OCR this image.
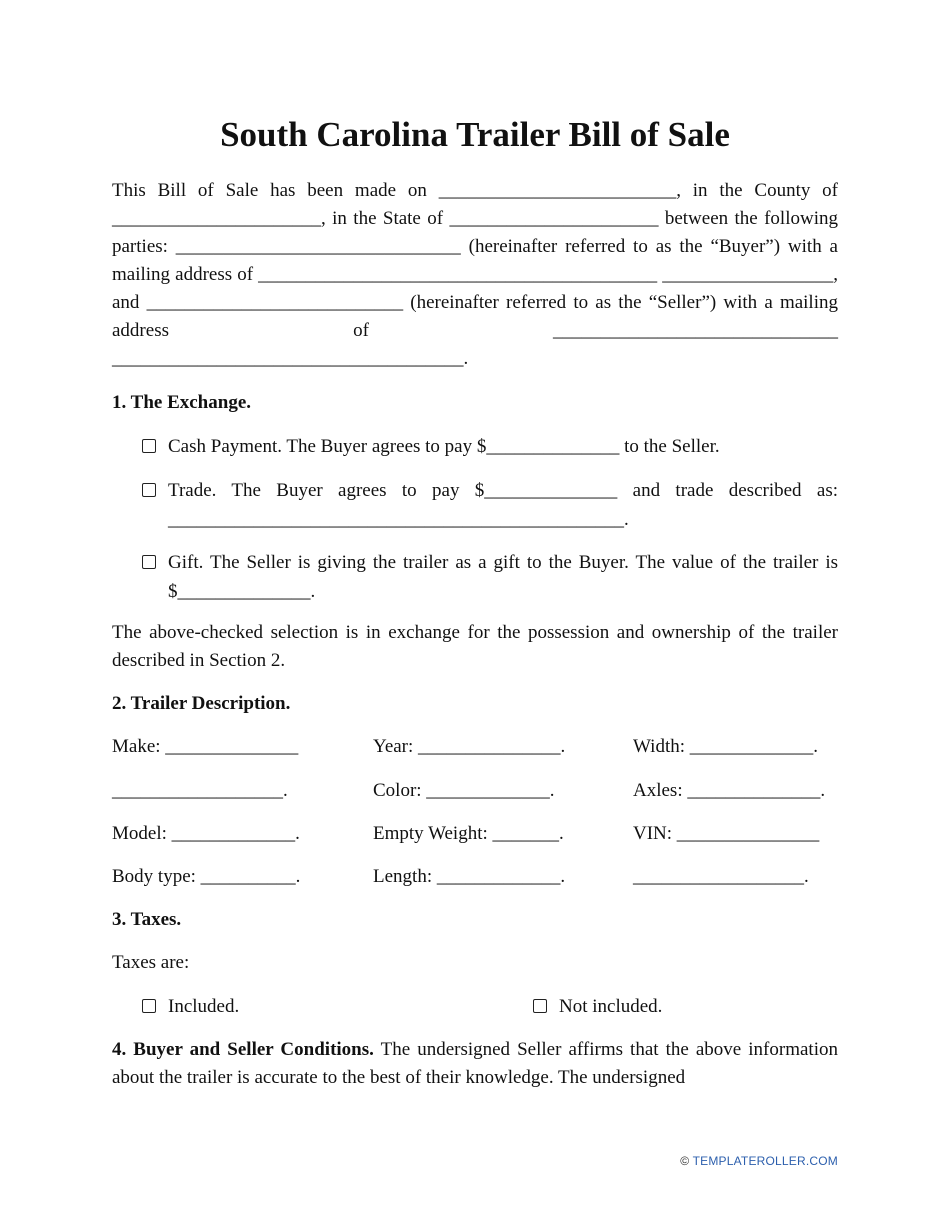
South Carolina Trailer Bill of Sale

This Bill of Sale has been made on _________________________, in the County of ______________________, in the State of ______________________ between the following parties: ______________________________ (hereinafter referred to as the “Buyer”) with a mailing address of __________________________________________ __________________, and ___________________________ (hereinafter referred to as the “Seller”) with a mailing address of ______________________________ _____________________________________.

1. The Exchange.
Cash Payment. The Buyer agrees to pay $______________ to the Seller.
Trade. The Buyer agrees to pay $______________ and trade described as: ________________________________________________.
Gift. The Seller is giving the trailer as a gift to the Buyer. The value of the trailer is $______________.

The above-checked selection is in exchange for the possession and ownership of the trailer described in Section 2.

2. Trailer Description.
Make: ______________	Year: _______________.	Width: _____________.
__________________.	Color: _____________.	Axles: ______________.
Model: _____________.	Empty Weight: _______.	VIN: _______________
Body type: __________.	Length: _____________.	__________________.
3. Taxes.
Taxes are:
Included.	Not included.

4. Buyer and Seller Conditions. The undersigned Seller affirms that the above information about the trailer is accurate to the best of their knowledge. The undersigned

© TEMPLATEROLLER.COM
